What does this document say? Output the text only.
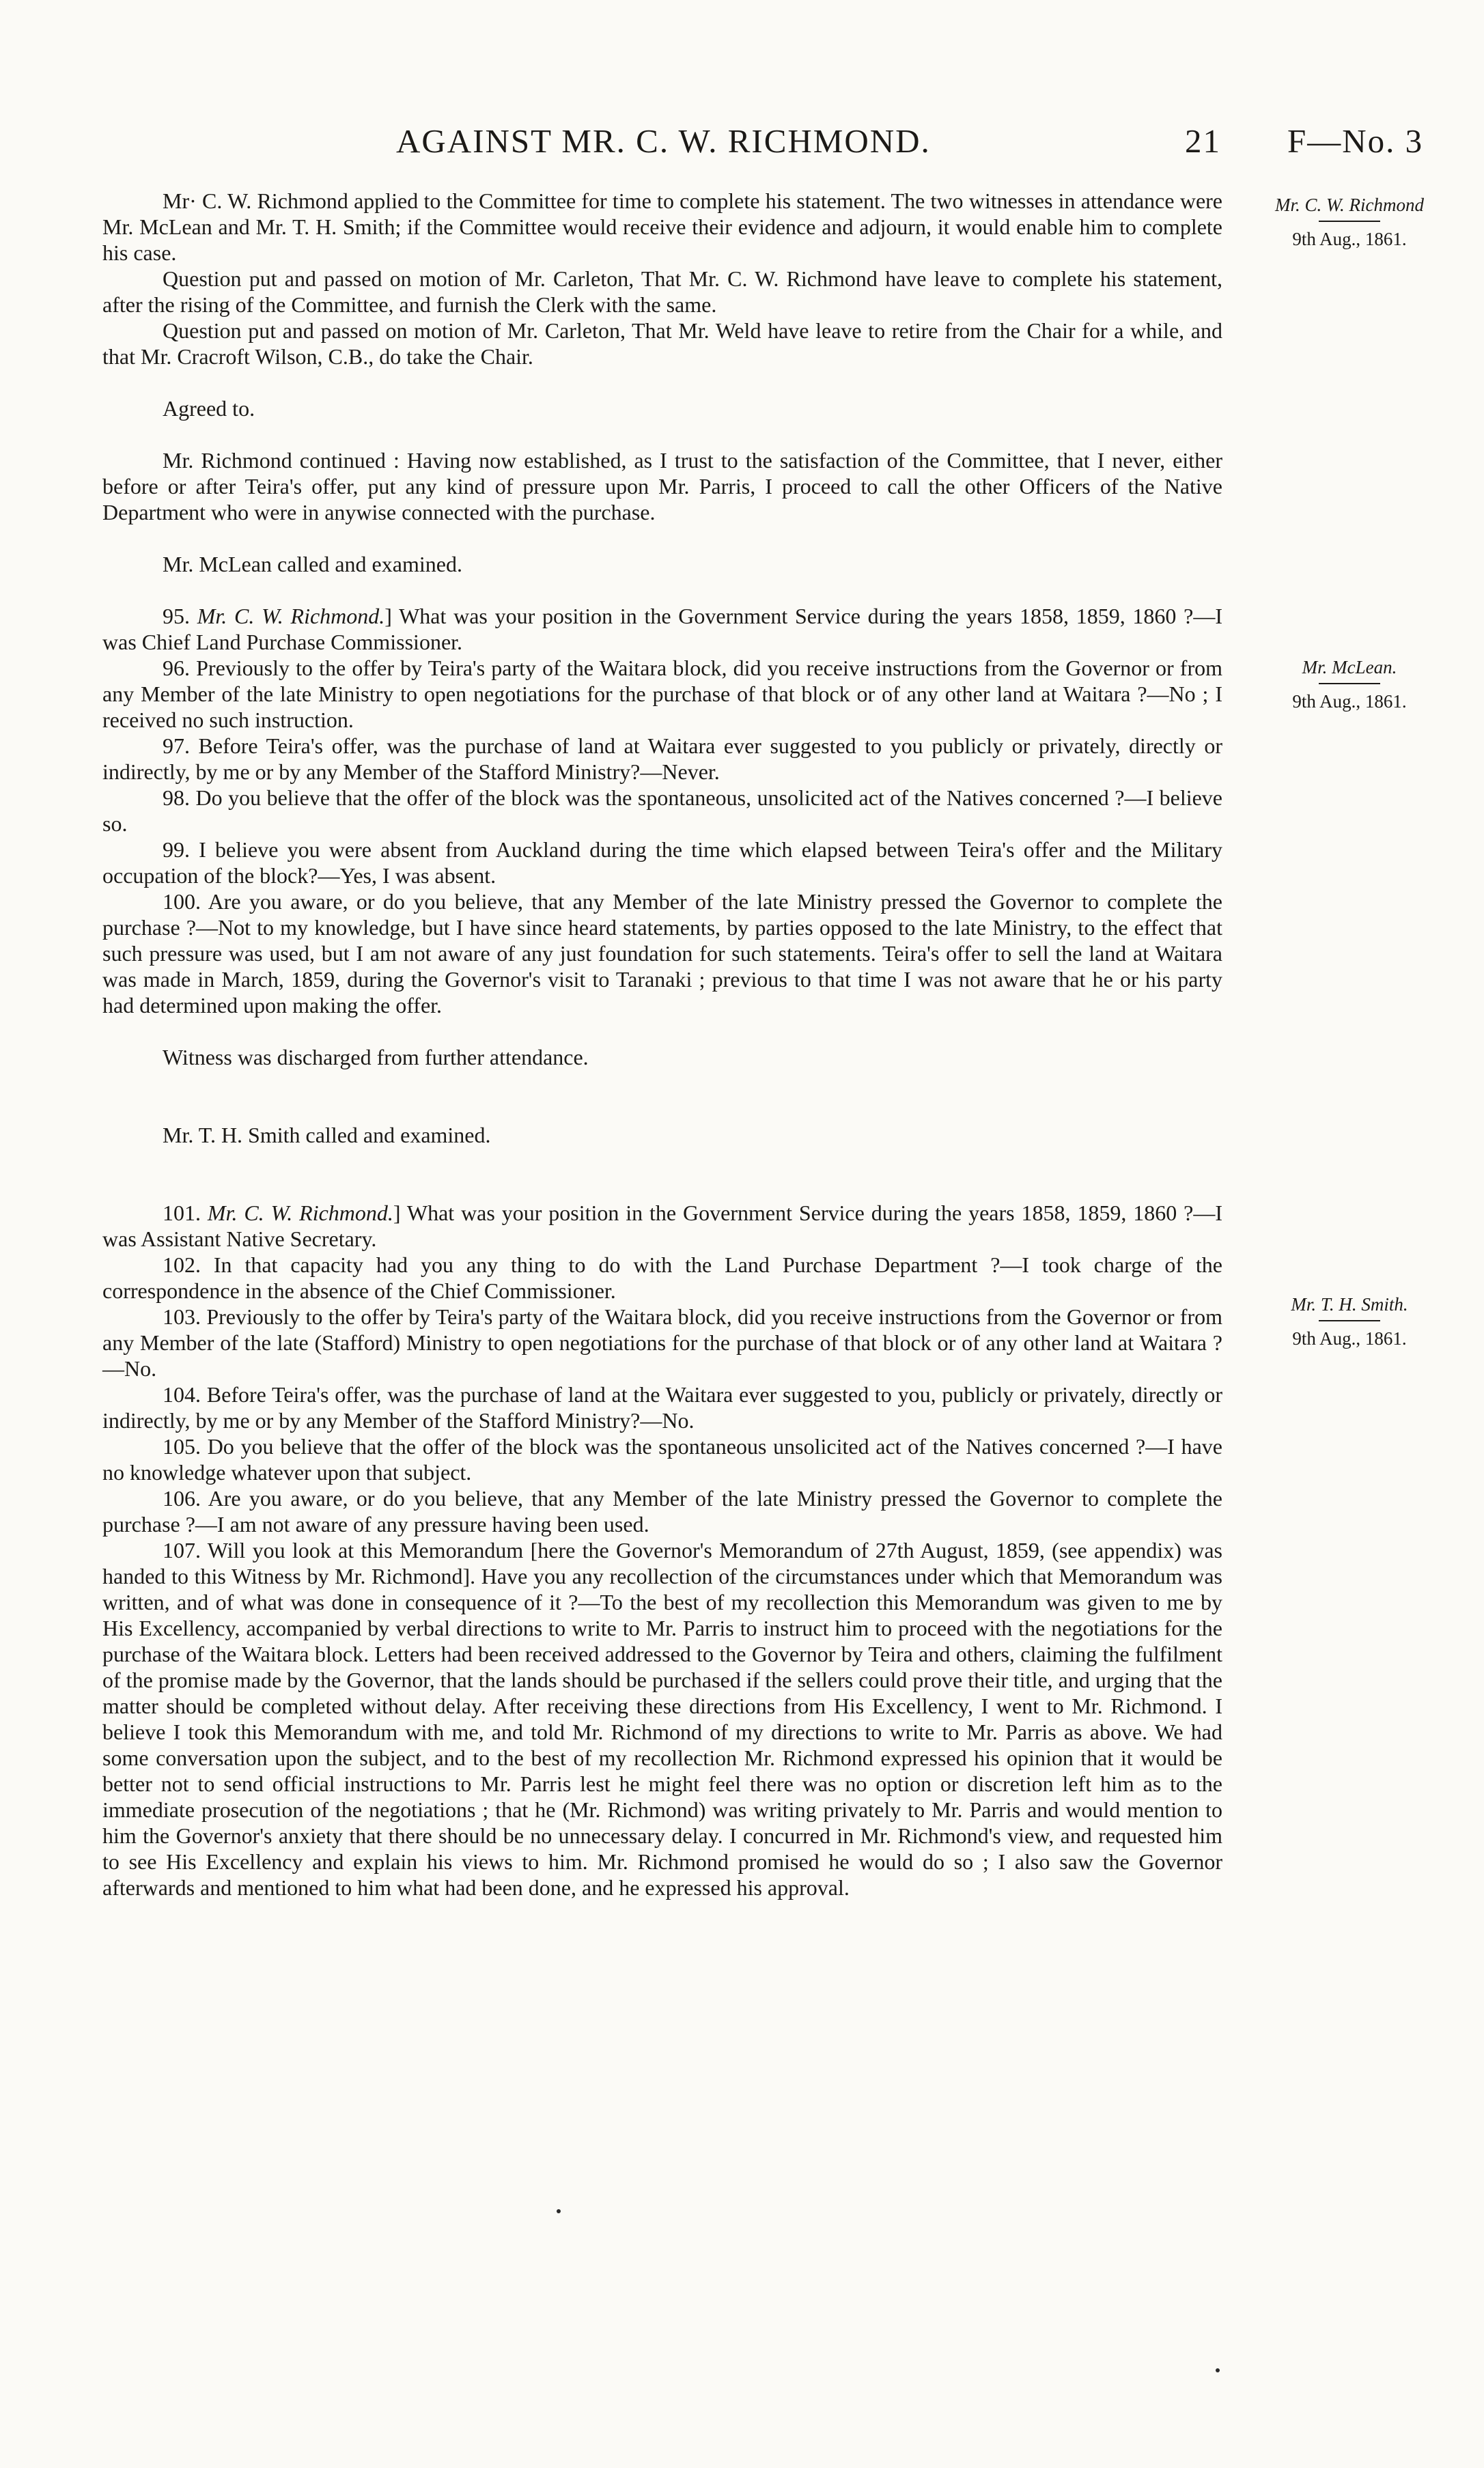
AGAINST MR. C. W. RICHMOND.	21 F—No. 3
Mr. C. W. Richmond
9th Aug., 1861.
Mr. McLean.
9th Aug., 1861.
Mr. T. H. Smith.
9th Aug., 1861.

Mr· C. W. Richmond applied to the Committee for time to complete his statement. The two witnesses in attendance were Mr. McLean and Mr. T. H. Smith; if the Committee would receive their evidence and adjourn, it would enable him to complete his case.

Question put and passed on motion of Mr. Carleton, That Mr. C. W. Richmond have leave to complete his statement, after the rising of the Committee, and furnish the Clerk with the same.

Question put and passed on motion of Mr. Carleton, That Mr. Weld have leave to retire from the Chair for a while, and that Mr. Cracroft Wilson, C.B., do take the Chair.

Agreed to.

Mr. Richmond continued : Having now established, as I trust to the satisfaction of the Committee, that I never, either before or after Teira's offer, put any kind of pressure upon Mr. Parris, I proceed to call the other Officers of the Native Department who were in anywise connected with the purchase.

Mr. McLean called and examined.

95. Mr. C. W. Richmond.] What was your position in the Government Service during the years 1858, 1859, 1860 ?—I was Chief Land Purchase Commissioner.

96. Previously to the offer by Teira's party of the Waitara block, did you receive instructions from the Governor or from any Member of the late Ministry to open negotiations for the purchase of that block or of any other land at Waitara ?—No ; I received no such instruction.

97. Before Teira's offer, was the purchase of land at Waitara ever suggested to you publicly or privately, directly or indirectly, by me or by any Member of the Stafford Ministry?—Never.

98. Do you believe that the offer of the block was the spontaneous, unsolicited act of the Natives concerned ?—I believe so.

99. I believe you were absent from Auckland during the time which elapsed between Teira's offer and the Military occupation of the block?—Yes, I was absent.

100. Are you aware, or do you believe, that any Member of the late Ministry pressed the Governor to complete the purchase ?—Not to my knowledge, but I have since heard statements, by parties opposed to the late Ministry, to the effect that such pressure was used, but I am not aware of any just foundation for such statements. Teira's offer to sell the land at Waitara was made in March, 1859, during the Governor's visit to Taranaki ; previous to that time I was not aware that he or his party had determined upon making the offer.

Witness was discharged from further attendance.

Mr. T. H. Smith called and examined.

101. Mr. C. W. Richmond.] What was your position in the Government Service during the years 1858, 1859, 1860 ?—I was Assistant Native Secretary.

102. In that capacity had you any thing to do with the Land Purchase Department ?—I took charge of the correspondence in the absence of the Chief Commissioner.

103. Previously to the offer by Teira's party of the Waitara block, did you receive instructions from the Governor or from any Member of the late (Stafford) Ministry to open negotiations for the purchase of that block or of any other land at Waitara ?—No.

104. Before Teira's offer, was the purchase of land at the Waitara ever suggested to you, publicly or privately, directly or indirectly, by me or by any Member of the Stafford Ministry?—No.

105. Do you believe that the offer of the block was the spontaneous unsolicited act of the Natives concerned ?—I have no knowledge whatever upon that subject.

106. Are you aware, or do you believe, that any Member of the late Ministry pressed the Governor to complete the purchase ?—I am not aware of any pressure having been used.

107. Will you look at this Memorandum [here the Governor's Memorandum of 27th August, 1859, (see appendix) was handed to this Witness by Mr. Richmond]. Have you any recollection of the circumstances under which that Memorandum was written, and of what was done in consequence of it ?—To the best of my recollection this Memorandum was given to me by His Excellency, accompanied by verbal directions to write to Mr. Parris to instruct him to proceed with the negotiations for the purchase of the Waitara block. Letters had been received addressed to the Governor by Teira and others, claiming the fulfilment of the promise made by the Governor, that the lands should be purchased if the sellers could prove their title, and urging that the matter should be completed without delay. After receiving these directions from His Excellency, I went to Mr. Richmond. I believe I took this Memorandum with me, and told Mr. Richmond of my directions to write to Mr. Parris as above. We had some conversation upon the subject, and to the best of my recollection Mr. Richmond expressed his opinion that it would be better not to send official instructions to Mr. Parris lest he might feel there was no option or discretion left him as to the immediate prosecution of the negotiations ; that he (Mr. Richmond) was writing privately to Mr. Parris and would mention to him the Governor's anxiety that there should be no unnecessary delay. I concurred in Mr. Richmond's view, and requested him to see His Excellency and explain his views to him. Mr. Richmond promised he would do so ; I also saw the Governor afterwards and mentioned to him what had been done, and he expressed his approval.
